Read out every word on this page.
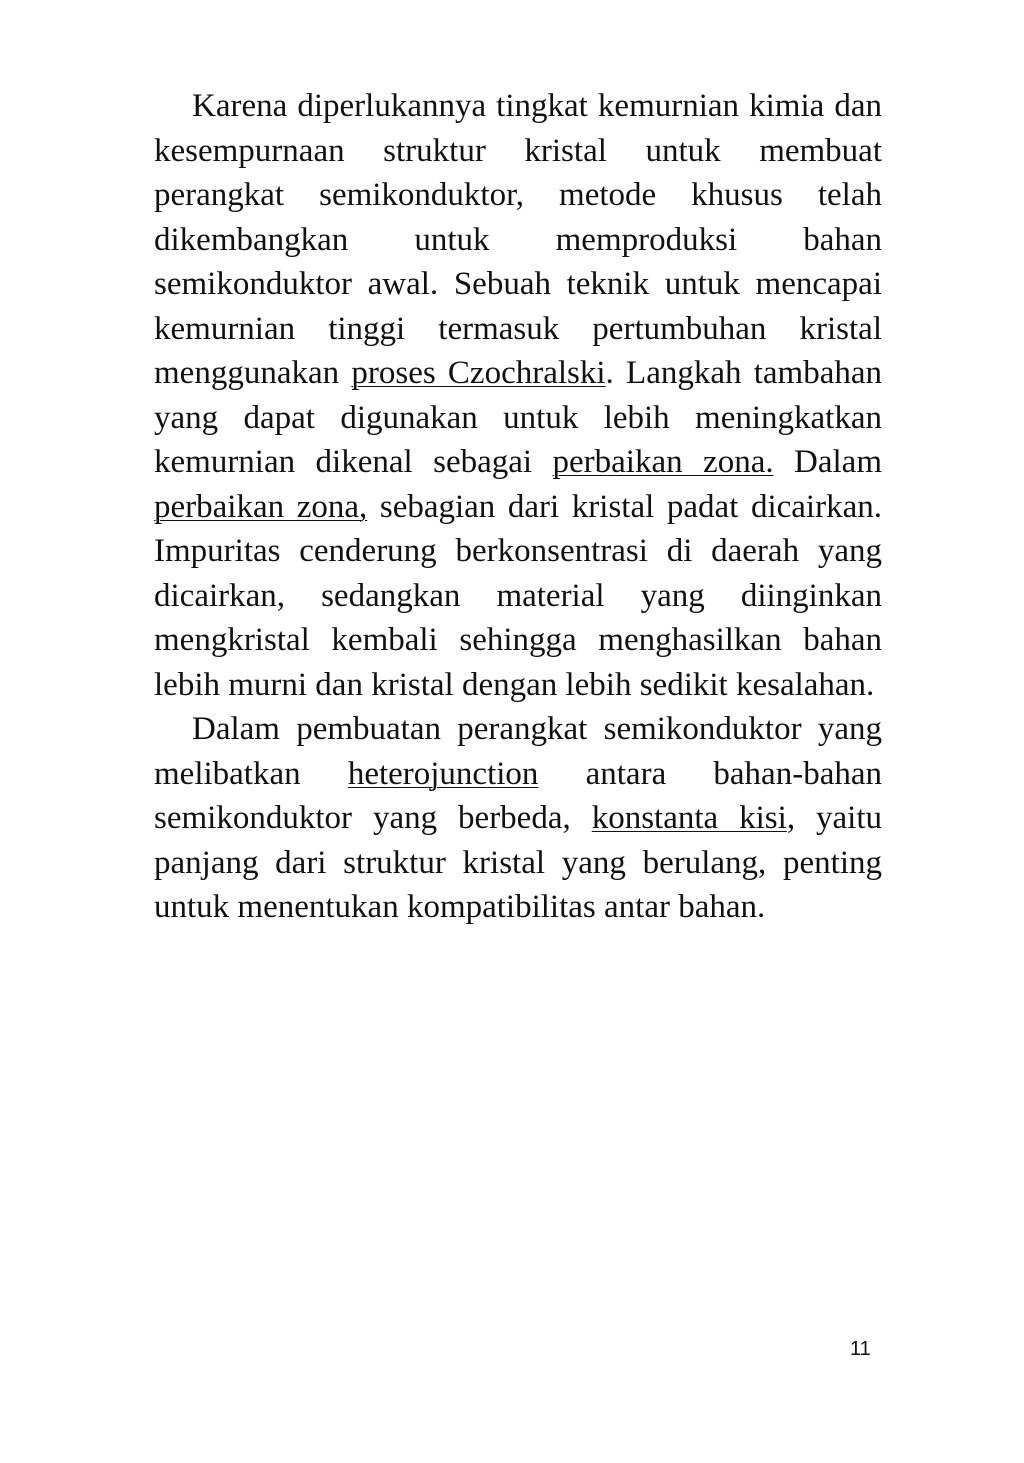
Karena diperlukannya tingkat kemurnian kimia dan kesempurnaan struktur kristal untuk membuat perangkat semikonduktor, metode khusus telah dikembangkan untuk memproduksi bahan semikonduktor awal. Sebuah teknik untuk mencapai kemurnian tinggi termasuk pertumbuhan kristal menggunakan proses Czochralski. Langkah tambahan yang dapat digunakan untuk lebih meningkatkan kemurnian dikenal sebagai perbaikan zona. Dalam perbaikan zona, sebagian dari kristal padat dicairkan. Impuritas cenderung berkonsentrasi di daerah yang dicairkan, sedangkan material yang diinginkan mengkristal kembali sehingga menghasilkan bahan lebih murni dan kristal dengan lebih sedikit kesalahan.

Dalam pembuatan perangkat semikonduktor yang melibatkan heterojunction antara bahan-bahan semikonduktor yang berbeda, konstanta kisi, yaitu panjang dari struktur kristal yang berulang, penting untuk menentukan kompatibilitas antar bahan.

11
